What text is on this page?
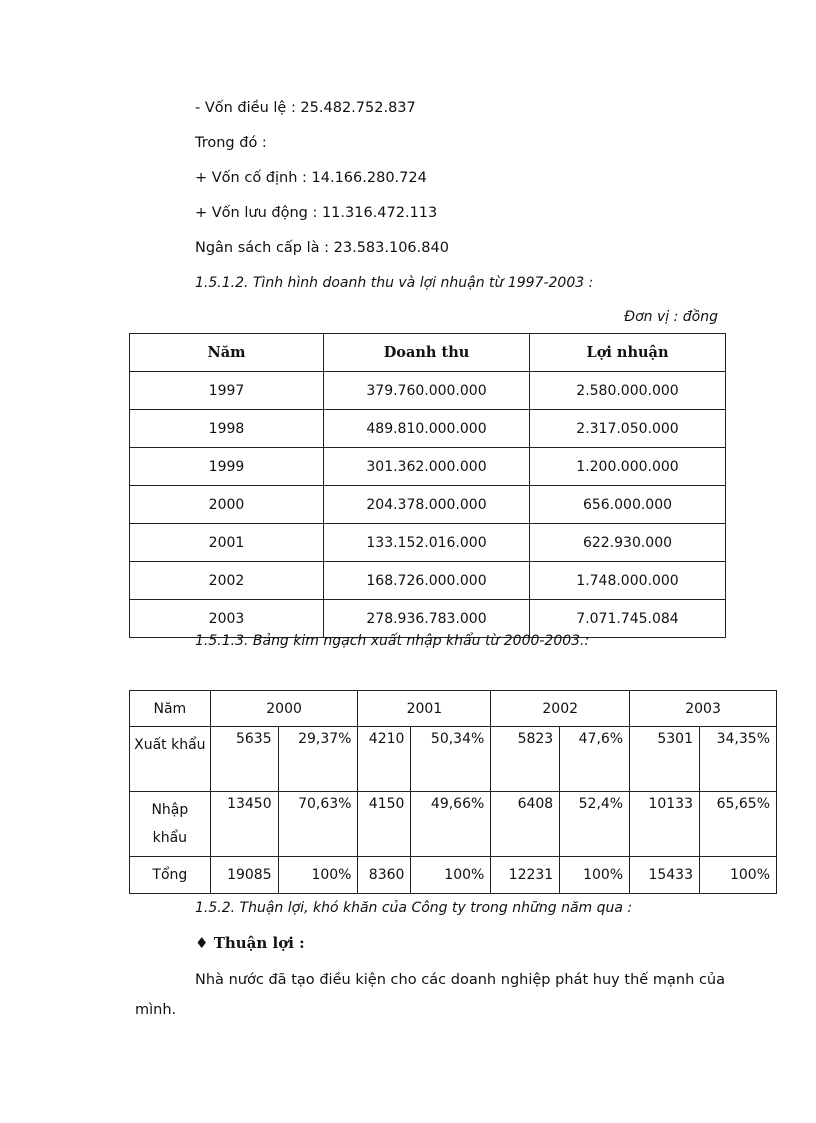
- Vốn điều lệ : 25.482.752.837
Trong đó :
+ Vốn cố định : 14.166.280.724
+ Vốn lưu động : 11.316.472.113
Ngân sách cấp là : 23.583.106.840
1.5.1.2. Tình hình doanh thu và lợi nhuận từ 1997-2003 :
Đơn vị : đồng
Năm	Doanh thu	Lợi nhuận
1997	379.760.000.000	2.580.000.000
1998	489.810.000.000	2.317.050.000
1999	301.362.000.000	1.200.000.000
2000	204.378.000.000	656.000.000
2001	133.152.016.000	622.930.000
2002	168.726.000.000	1.748.000.000
2003	278.936.783.000	7.071.745.084
1.5.1.3. Bảng kim ngạch xuất nhập khẩu từ 2000-2003.:
Năm	2000		2001		2002		2003	
Xuất khẩu	5635	29,37%	4210	50,34%	5823	47,6%	5301	34,35%
Nhập khẩu	13450	70,63%	4150	49,66%	6408	52,4%	10133	65,65%
Tổng	19085	100%	8360	100%	12231	100%	15433	100%
1.5.2. Thuận lợi, khó khăn của Công ty trong những năm qua :
♦ Thuận lợi :
Nhà nước đã tạo điều kiện cho các doanh nghiệp phát huy thế mạnh của mình.
